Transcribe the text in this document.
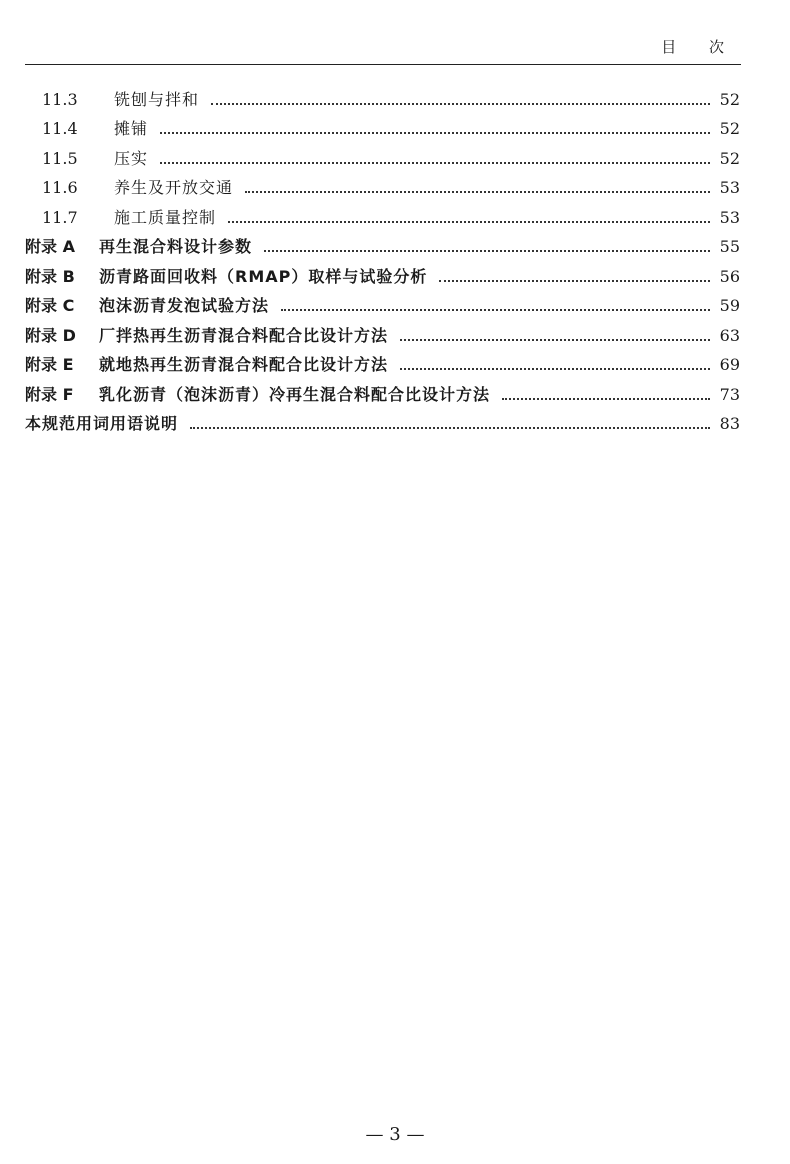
目 次
11.3	铣刨与拌和	52
11.4	摊铺	52
11.5	压实	52
11.6	养生及开放交通	53
11.7	施工质量控制	53
附录 A	再生混合料设计参数	55
附录 B	沥青路面回收料（RMAP）取样与试验分析	56
附录 C	泡沫沥青发泡试验方法	59
附录 D	厂拌热再生沥青混合料配合比设计方法	63
附录 E	就地热再生沥青混合料配合比设计方法	69
附录 F	乳化沥青（泡沫沥青）冷再生混合料配合比设计方法	73
本规范用词用语说明	83
— 3 —
